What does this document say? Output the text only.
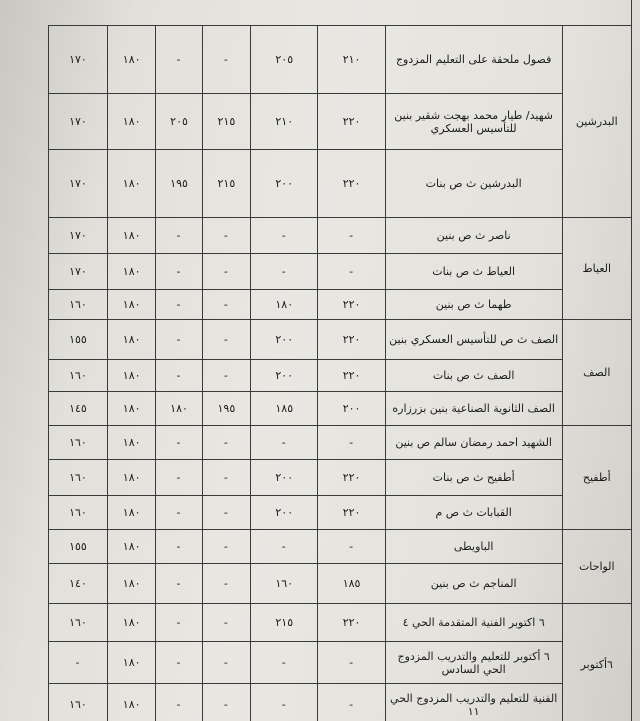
البدرشين	فصول ملحقة على التعليم المزدوج	٢١٠	٢٠٥	-	-	١٨٠	١٧٠
	شهيد/ طيار محمد بهجت شقير بنين للتأسيس العسكري	٢٢٠	٢١٠	٢١٥	٢٠٥	١٨٠	١٧٠
	البدرشين ث ص بنات	٢٢٠	٢٠٠	٢١٥	١٩٥	١٨٠	١٧٠
العياط	ناصر ث ص بنين	-	-	-	-	١٨٠	١٧٠
	العياط ث ص بنات	-	-	-	-	١٨٠	١٧٠
	طهما ث ص بنين	٢٢٠	١٨٠	-	-	١٨٠	١٦٠
الصف	الصف ث ص للتأسيس العسكري بنين	٢٢٠	٢٠٠	-	-	١٨٠	١٥٥
	الصف ث ص بنات	٢٢٠	٢٠٠	-	-	١٨٠	١٦٠
	الصف الثانوية الصناعية بنين بزرزاره	٢٠٠	١٨٥	١٩٥	١٨٠	١٨٠	١٤٥
أطفيح	الشهيد احمد رمضان سالم ص بنين	-	-	-	-	١٨٠	١٦٠
	أطفيح ث ص بنات	٢٢٠	٢٠٠	-	-	١٨٠	١٦٠
	القبابات ث ص م	٢٢٠	٢٠٠	-	-	١٨٠	١٦٠
الواحات	الباويطى	-	-	-	-	١٨٠	١٥٥
	المناجم ث ص بنين	١٨٥	١٦٠	-	-	١٨٠	١٤٠
٦أكتوبر	٦ اكتوبر الفنية المتقدمة الحي ٤	٢٢٠	٢١٥	-	-	١٨٠	١٦٠
	٦ أكتوبر للتعليم والتدريب المزدوج الحي السادس	-	-	-	-	١٨٠	-
	الفنية للتعليم والتدريب المزدوج الحي ١١	-	-	-	-	١٨٠	١٦٠
